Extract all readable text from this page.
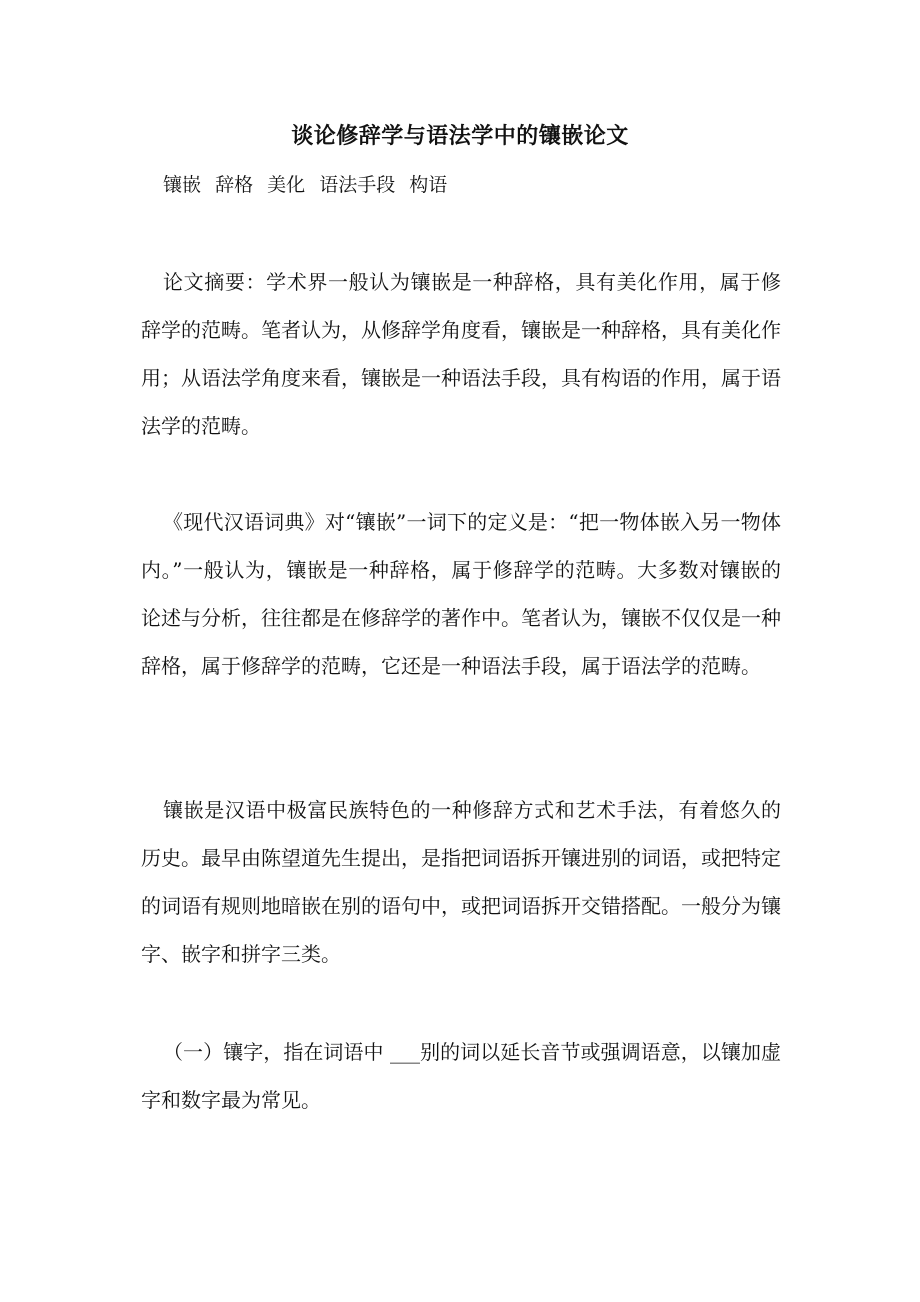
谈论修辞学与语法学中的镶嵌论文
镶嵌 辞格 美化 语法手段 构语
论文摘要：学术界一般认为镶嵌是一种辞格，具有美化作用，属于修辞学的范畴。笔者认为，从修辞学角度看，镶嵌是一种辞格，具有美化作用；从语法学角度来看，镶嵌是一种语法手段，具有构语的作用，属于语法学的范畴。
《现代汉语词典》对“镶嵌”一词下的定义是：“把一物体嵌入另一物体内。”一般认为，镶嵌是一种辞格，属于修辞学的范畴。大多数对镶嵌的论述与分析，往往都是在修辞学的著作中。笔者认为，镶嵌不仅仅是一种辞格，属于修辞学的范畴，它还是一种语法手段，属于语法学的范畴。
镶嵌是汉语中极富民族特色的一种修辞方式和艺术手法，有着悠久的历史。最早由陈望道先生提出，是指把词语拆开镶进别的词语，或把特定的词语有规则地暗嵌在别的语句中，或把词语拆开交错搭配。一般分为镶字、嵌字和拼字三类。
（一）镶字，指在词语中 ___别的词以延长音节或强调语意，以镶加虚字和数字最为常见。
